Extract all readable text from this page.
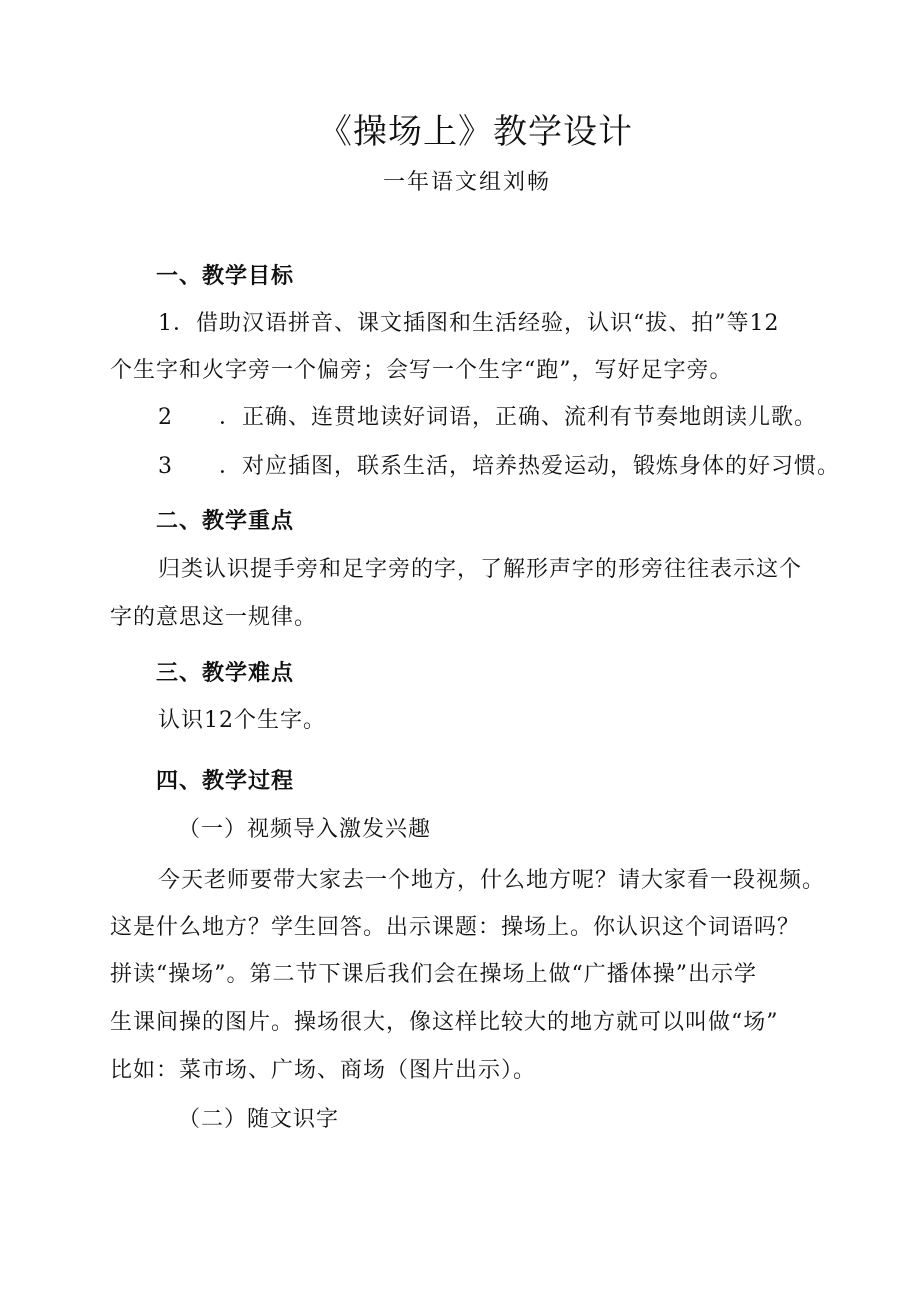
《操场上》教学设计
一年语文组刘畅
一、教学目标
1．借助汉语拼音、课文插图和生活经验，认识“拔、拍”等12
个生字和火字旁一个偏旁；会写一个生字“跑”，写好足字旁。
2 ．正确、连贯地读好词语，正确、流利有节奏地朗读儿歌。
3 ．对应插图，联系生活，培养热爱运动，锻炼身体的好习惯。
二、教学重点
归类认识提手旁和足字旁的字，了解形声字的形旁往往表示这个
字的意思这一规律。
三、教学难点
认识12个生字。
四、教学过程
（一）视频导入激发兴趣
今天老师要带大家去一个地方，什么地方呢？请大家看一段视频。
这是什么地方？学生回答。出示课题：操场上。你认识这个词语吗？
拼读“操场”。第二节下课后我们会在操场上做“广播体操”出示学
生课间操的图片。操场很大，像这样比较大的地方就可以叫做“场”
比如：菜市场、广场、商场（图片出示）。
（二）随文识字
